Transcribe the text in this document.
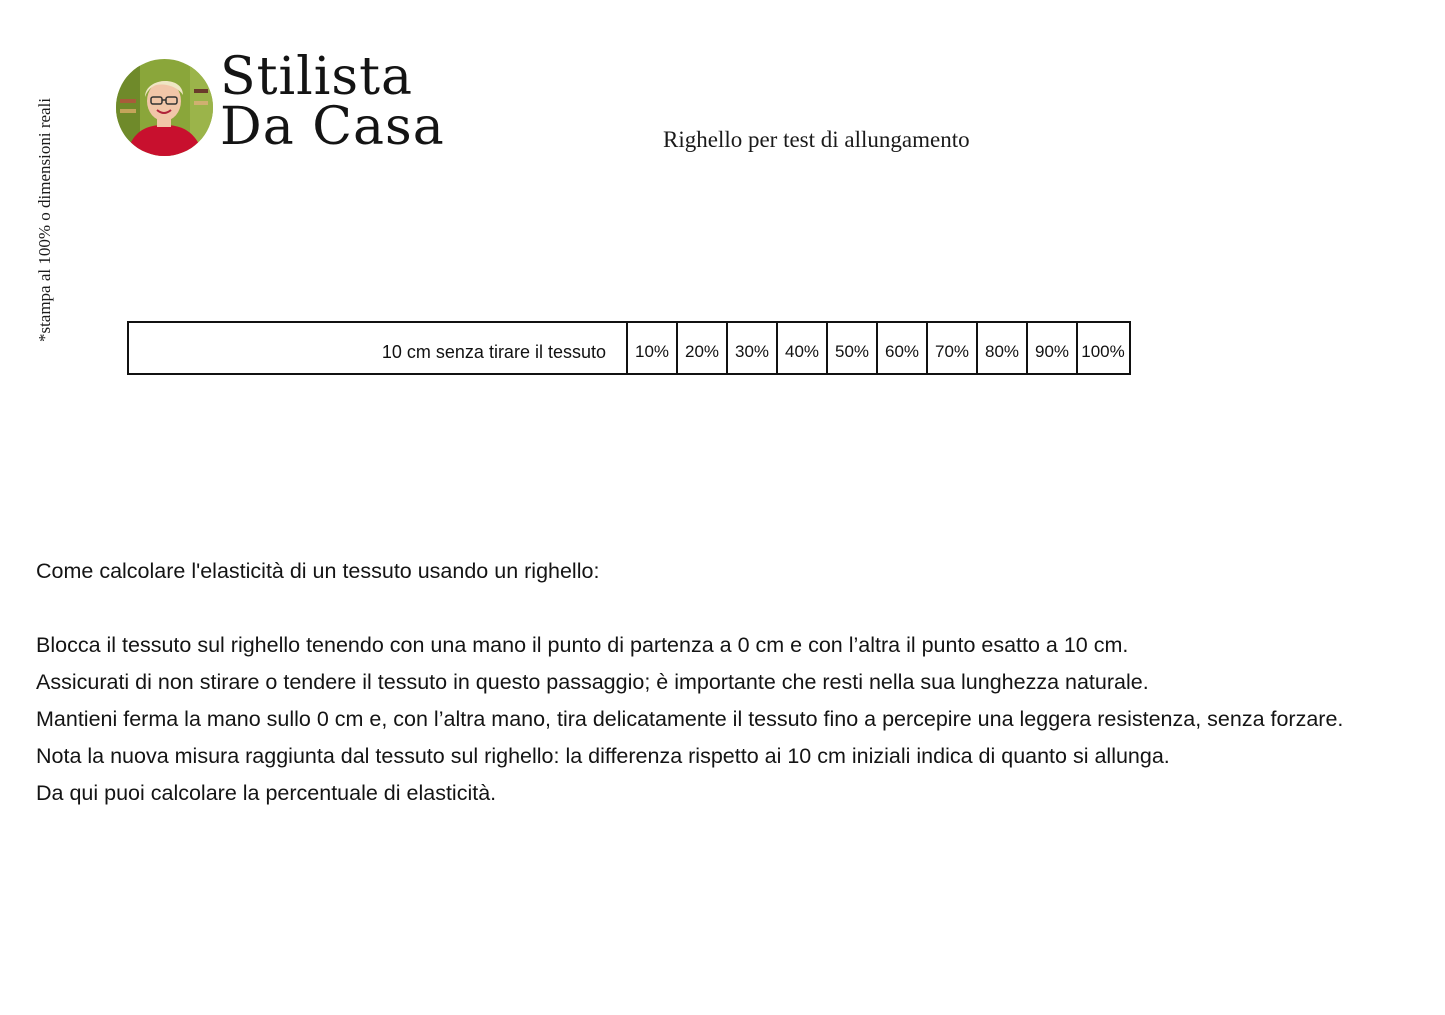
*stampa al 100% o dimensioni reali
Stilista
Da Casa	Righello per test di allungamento
10 cm senza tirare il tessuto	10% 20% 30% 40% 50% 60% 70% 80% 90% 100%

Come calcolare l'elasticità di un tessuto usando un righello:

Blocca il tessuto sul righello tenendo con una mano il punto di partenza a 0 cm e con l’altra il punto esatto a 10 cm.

Assicurati di non stirare o tendere il tessuto in questo passaggio; è importante che resti nella sua lunghezza naturale.

Mantieni ferma la mano sullo 0 cm e, con l’altra mano, tira delicatamente il tessuto fino a percepire una leggera resistenza, senza forzare.

Nota la nuova misura raggiunta dal tessuto sul righello: la differenza rispetto ai 10 cm iniziali indica di quanto si allunga.

Da qui puoi calcolare la percentuale di elasticità.
